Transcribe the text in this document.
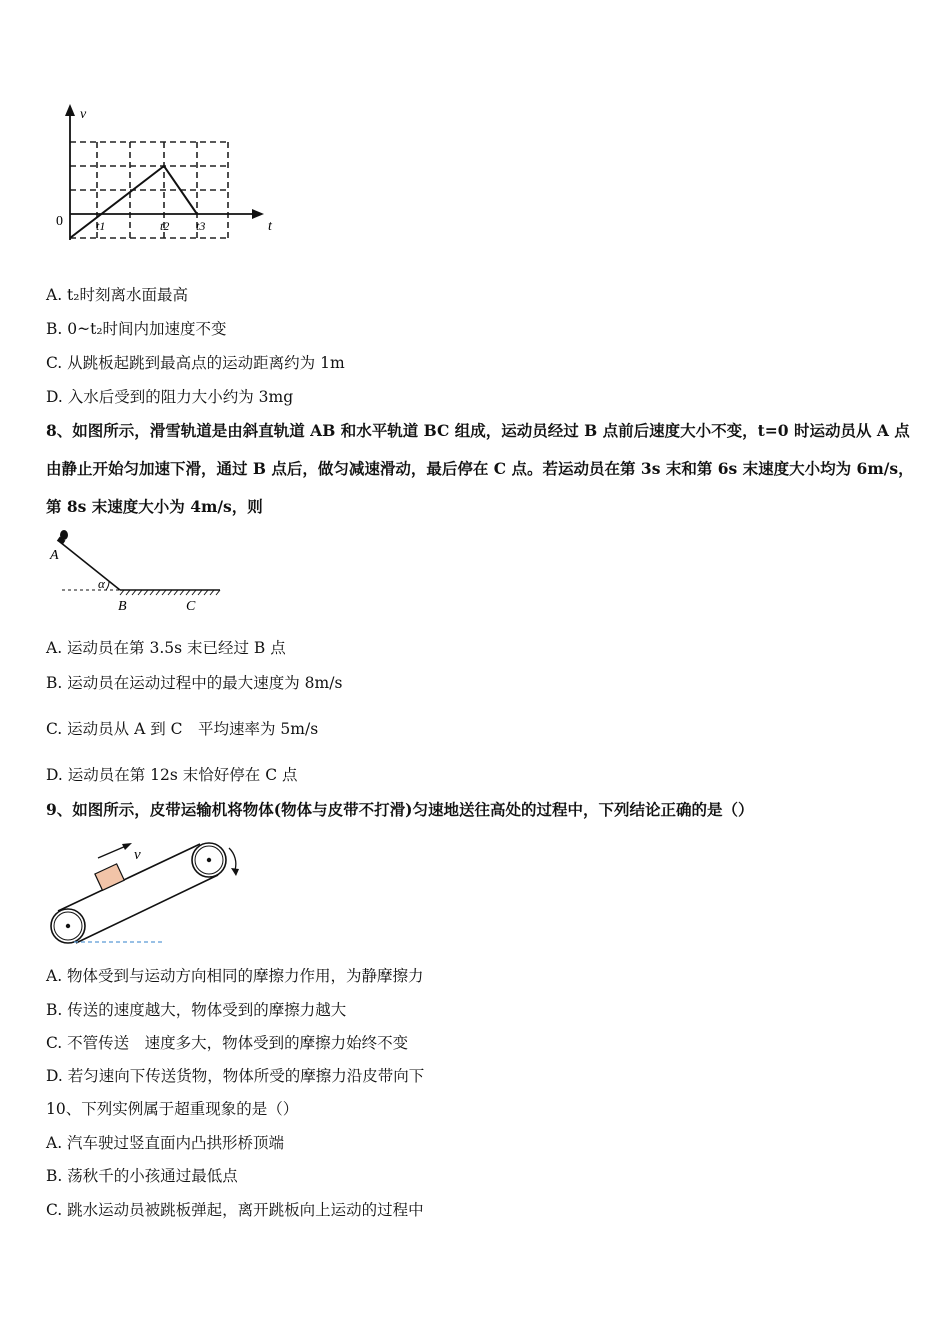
v
t
0	t1	t2 t3
A. t₂时刻离水面最高
B. 0~t₂时间内加速度不变
C. 从跳板起跳到最高点的运动距离约为 1m
D. 入水后受到的阻力大小约为 3mg
8、如图所示，滑雪轨道是由斜直轨道 AB 和水平轨道 BC 组成，运动员经过 B 点前后速度大小不变，t=0 时运动员从 A 点由静止开始匀加速下滑，通过 B 点后，做匀减速滑动，最后停在 C 点。若运动员在第 3s 末和第 6s 末速度大小均为 6m/s，第 8s 末速度大小为 4m/s，则
A
α
B	C
A. 运动员在第 3.5s 末已经过 B 点
B. 运动员在运动过程中的最大速度为 8m/s
C. 运动员从 A 到 C　平均速率为 5m/s
D. 运动员在第 12s 末恰好停在 C 点
9、如图所示，皮带运输机将物体(物体与皮带不打滑)匀速地送往高处的过程中，下列结论正确的是（）
v
A. 物体受到与运动方向相同的摩擦力作用，为静摩擦力
B. 传送的速度越大，物体受到的摩擦力越大
C. 不管传送　速度多大，物体受到的摩擦力始终不变
D. 若匀速向下传送货物，物体所受的摩擦力沿皮带向下
10、下列实例属于超重现象的是（）
A. 汽车驶过竖直面内凸拱形桥顶端
B. 荡秋千的小孩通过最低点
C. 跳水运动员被跳板弹起，离开跳板向上运动的过程中
